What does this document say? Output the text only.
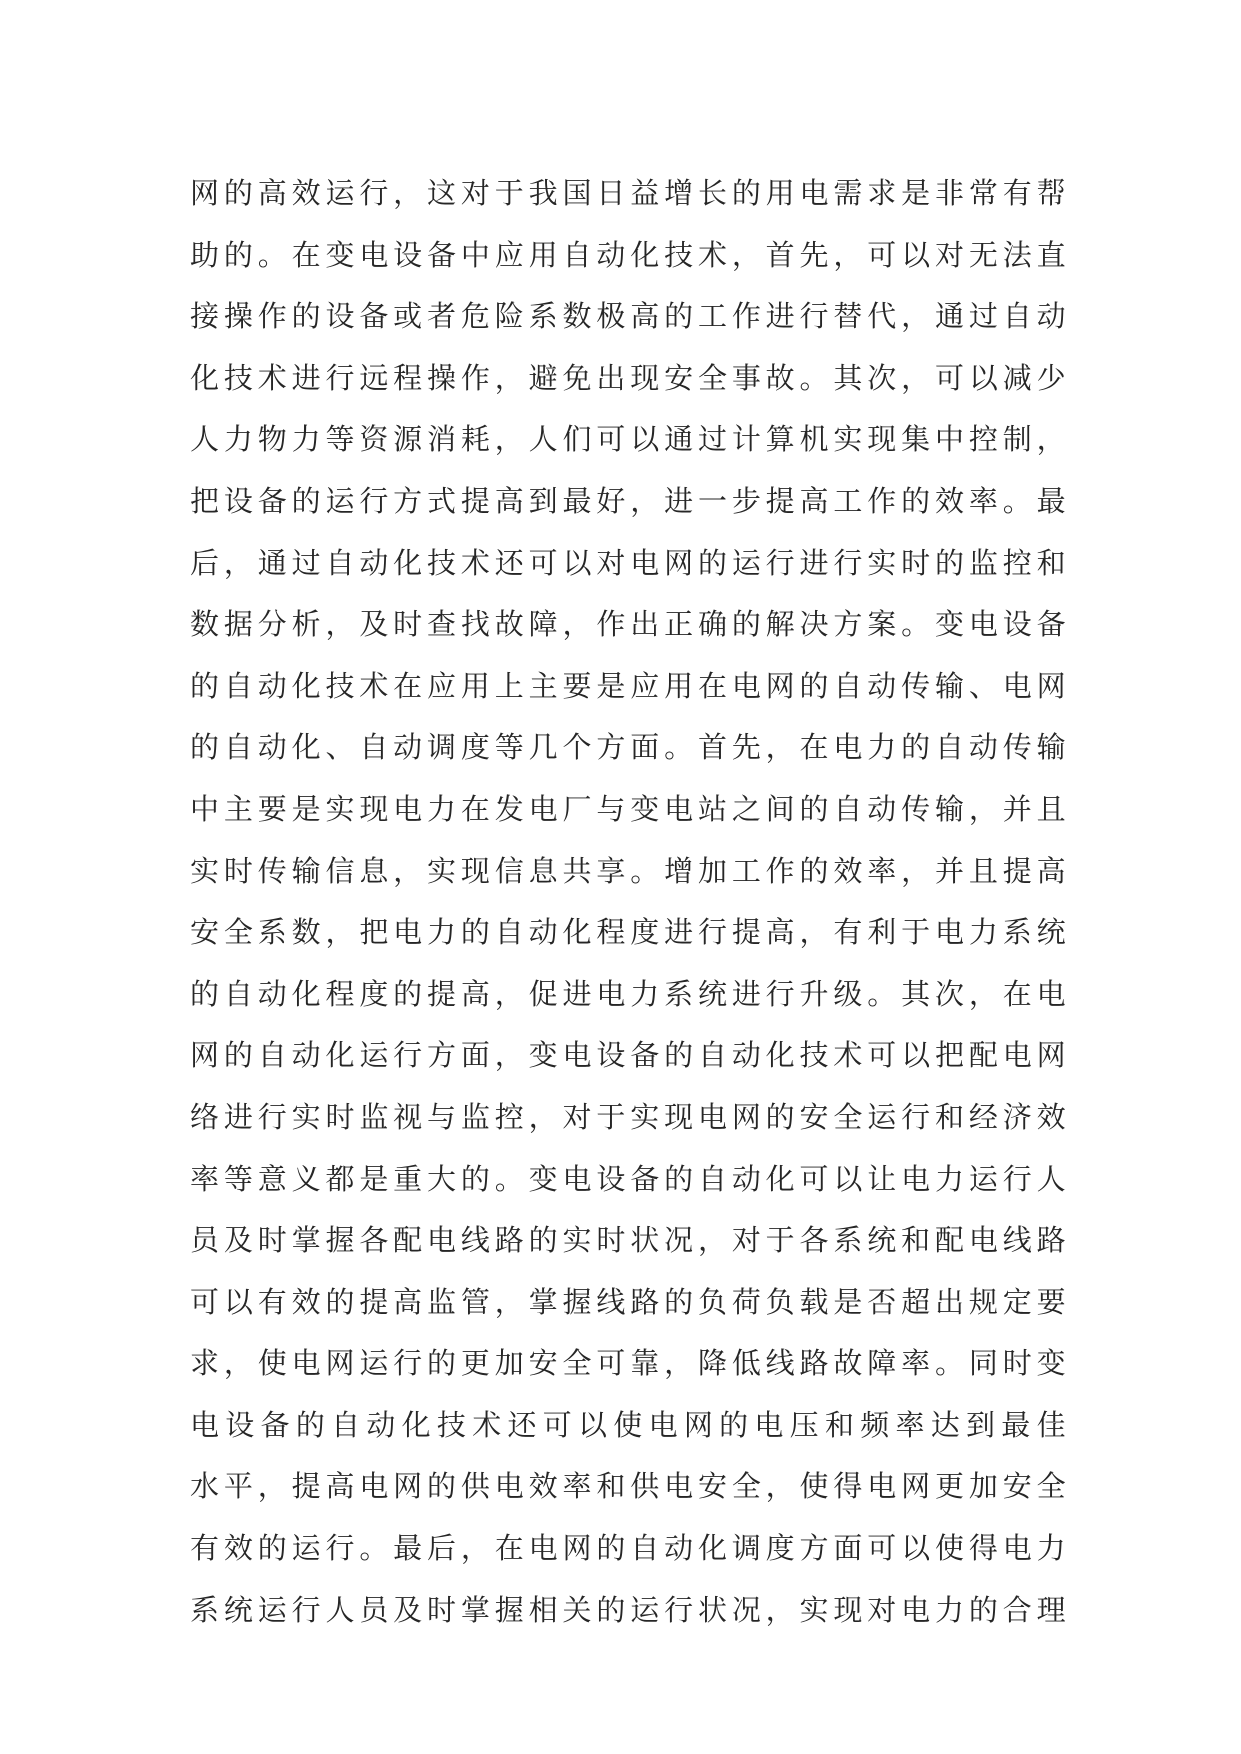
网的高效运行，这对于我国日益增长的用电需求是非常有帮
助的。在变电设备中应用自动化技术，首先，可以对无法直
接操作的设备或者危险系数极高的工作进行替代，通过自动
化技术进行远程操作，避免出现安全事故。其次，可以减少
人力物力等资源消耗，人们可以通过计算机实现集中控制，
把设备的运行方式提高到最好，进一步提高工作的效率。最
后，通过自动化技术还可以对电网的运行进行实时的监控和
数据分析，及时查找故障，作出正确的解决方案。变电设备
的自动化技术在应用上主要是应用在电网的自动传输、电网
的自动化、自动调度等几个方面。首先，在电力的自动传输
中主要是实现电力在发电厂与变电站之间的自动传输，并且
实时传输信息，实现信息共享。增加工作的效率，并且提高
安全系数，把电力的自动化程度进行提高，有利于电力系统
的自动化程度的提高，促进电力系统进行升级。其次，在电
网的自动化运行方面，变电设备的自动化技术可以把配电网
络进行实时监视与监控，对于实现电网的安全运行和经济效
率等意义都是重大的。变电设备的自动化可以让电力运行人
员及时掌握各配电线路的实时状况，对于各系统和配电线路
可以有效的提高监管，掌握线路的负荷负载是否超出规定要
求，使电网运行的更加安全可靠，降低线路故障率。同时变
电设备的自动化技术还可以使电网的电压和频率达到最佳
水平，提高电网的供电效率和供电安全，使得电网更加安全
有效的运行。最后，在电网的自动化调度方面可以使得电力
系统运行人员及时掌握相关的运行状况，实现对电力的合理
